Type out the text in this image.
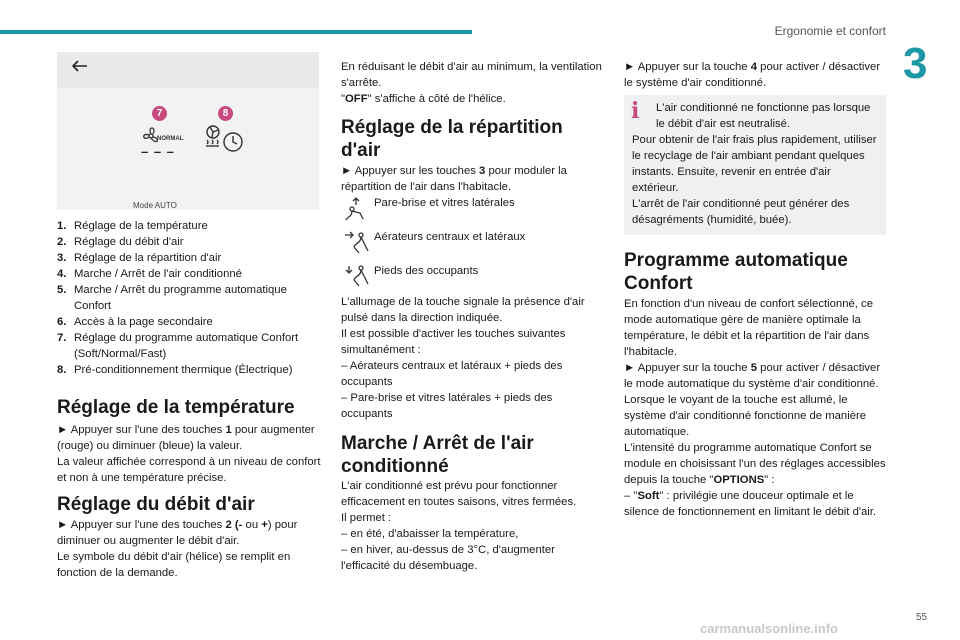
Ergonomie et confort
3
7	8
NORMAL
– – –
Mode AUTO
1. Réglage de la température
2. Réglage du débit d'air
3. Réglage de la répartition d'air
4. Marche / Arrêt de l'air conditionné
5. Marche / Arrêt du programme automatique Confort
6. Accès à la page secondaire
7. Réglage du programme automatique Confort (Soft/Normal/Fast)
8. Pré-conditionnement thermique (Électrique)
Réglage de la température

► Appuyer sur l'une des touches 1 pour augmenter (rouge) ou diminuer (bleue) la valeur.

La valeur affichée correspond à un niveau de confort et non à une température précise.

Réglage du débit d'air

► Appuyer sur l'une des touches 2 (- ou +) pour diminuer ou augmenter le débit d'air.

Le symbole du débit d'air (hélice) se remplit en fonction de la demande.

En réduisant le débit d'air au minimum, la ventilation s'arrête.

"OFF" s'affiche à côté de l'hélice.

Réglage de la répartition d'air

► Appuyer sur les touches 3 pour moduler la répartition de l'air dans l'habitacle.

Pare-brise et vitres latérales
Aérateurs centraux et latéraux
Pieds des occupants

L'allumage de la touche signale la présence d'air pulsé dans la direction indiquée.

Il est possible d'activer les touches suivantes simultanément :

– Aérateurs centraux et latéraux + pieds des occupants

– Pare-brise et vitres latérales + pieds des occupants

Marche / Arrêt de l'air conditionné

L'air conditionné est prévu pour fonctionner efficacement en toutes saisons, vitres fermées.

Il permet :

– en été, d'abaisser la température,

– en hiver, au-dessus de 3°C, d'augmenter l'efficacité du désembuage.

► Appuyer sur la touche 4 pour activer / désactiver le système d'air conditionné.

i	L'air conditionné ne fonctionne pas lorsque le débit d'air est neutralisé.

Pour obtenir de l'air frais plus rapidement, utiliser le recyclage de l'air ambiant pendant quelques instants. Ensuite, revenir en entrée d'air extérieur.

L'arrêt de l'air conditionné peut générer des désagréments (humidité, buée).

Programme automatique Confort

En fonction d'un niveau de confort sélectionné, ce mode automatique gère de manière optimale la température, le débit et la répartition de l'air dans l'habitacle.

► Appuyer sur la touche 5 pour activer / désactiver le mode automatique du système d'air conditionné.

Lorsque le voyant de la touche est allumé, le système d'air conditionné fonctionne de manière automatique.

L'intensité du programme automatique Confort se module en choisissant l'un des réglages accessibles depuis la touche "OPTIONS" :

– "Soft" : privilégie une douceur optimale et le silence de fonctionnement en limitant le débit d'air.

55
carmanualsonline.info
